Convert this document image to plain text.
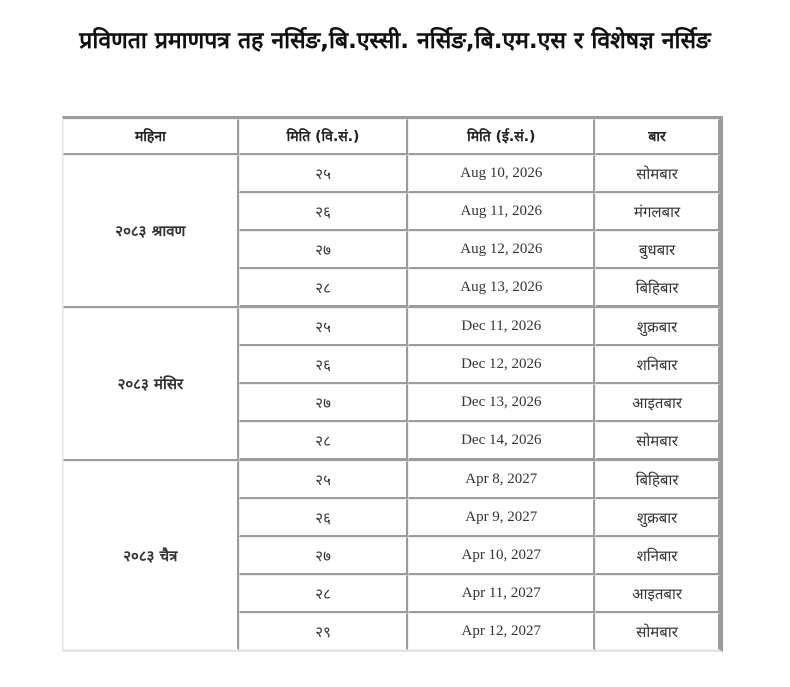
प्रविणता प्रमाणपत्र तह नर्सिङ,बि.एस्सी. नर्सिङ,बि.एम.एस र विशेषज्ञ नर्सिङ
महिना	मिति (वि.सं.)	मिति (ई.सं.)	बार
२०८३ श्रावण	२५	Aug 10, 2026	सोमबार
	२६	Aug 11, 2026	मंगलबार
	२७	Aug 12, 2026	बुधबार
	२८	Aug 13, 2026	बिहिबार
२०८३ मंसिर	२५	Dec 11, 2026	शुक्रबार
	२६	Dec 12, 2026	शनिबार
	२७	Dec 13, 2026	आइतबार
	२८	Dec 14, 2026	सोमबार
२०८३ चैत्र	२५	Apr 8, 2027	बिहिबार
	२६	Apr 9, 2027	शुक्रबार
	२७	Apr 10, 2027	शनिबार
	२८	Apr 11, 2027	आइतबार
	२९	Apr 12, 2027	सोमबार
